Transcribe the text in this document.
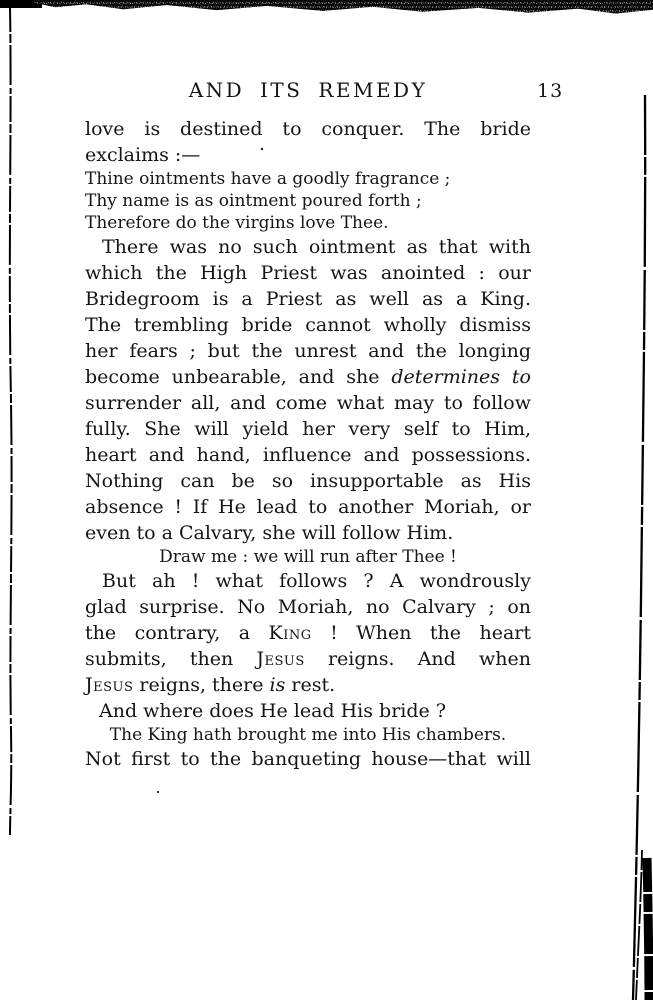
AND ITS REMEDY	13

love is destined to conquer. The bride
exclaims :—

Thine ointments have a goodly fragrance ;
Thy name is as ointment poured forth ;
Therefore do the virgins love Thee.

There was no such ointment as that with
which the High Priest was anointed : our
Bridegroom is a Priest as well as a King.
The trembling bride cannot wholly dismiss
her fears ; but the unrest and the longing
become unbearable, and she determines to
surrender all, and come what may to follow
fully. She will yield her very self to Him,
heart and hand, influence and possessions.
Nothing can be so insupportable as His
absence ! If He lead to another Moriah, or
even to a Calvary, she will follow Him.

Draw me : we will run after Thee !

But ah ! what follows ? A wondrously
glad surprise. No Moriah, no Calvary ; on
the contrary, a King ! When the heart
submits, then Jesus reigns. And when
Jesus reigns, there is rest.

And where does He lead His bride ?

The King hath brought me into His chambers.

Not first to the banqueting house—that will
